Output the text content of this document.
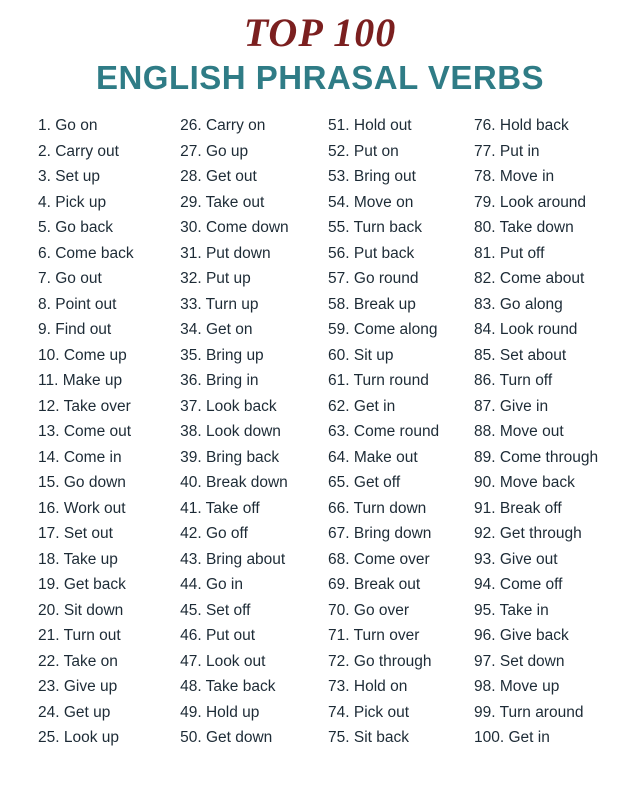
TOP 100
ENGLISH PHRASAL VERBS
1. Go on
2. Carry out
3. Set up
4. Pick up
5. Go back
6. Come back
7. Go out
8. Point out
9. Find out
10. Come up
11. Make up
12. Take over
13. Come out
14. Come in
15. Go down
16. Work out
17. Set out
18. Take up
19. Get back
20. Sit down
21. Turn out
22. Take on
23. Give up
24. Get up
25. Look up
26. Carry on
27. Go up
28. Get out
29. Take out
30. Come down
31. Put down
32. Put up
33. Turn up
34. Get on
35. Bring up
36. Bring in
37. Look back
38. Look down
39. Bring back
40. Break down
41. Take off
42. Go off
43. Bring about
44. Go in
45. Set off
46. Put out
47. Look out
48. Take back
49. Hold up
50. Get down
51. Hold out
52. Put on
53. Bring out
54. Move on
55. Turn back
56. Put back
57. Go round
58. Break up
59. Come along
60. Sit up
61. Turn round
62. Get in
63. Come round
64. Make out
65. Get off
66. Turn down
67. Bring down
68. Come over
69. Break out
70. Go over
71. Turn over
72. Go through
73. Hold on
74. Pick out
75. Sit back
76. Hold back
77. Put in
78. Move in
79. Look around
80. Take down
81. Put off
82. Come about
83. Go along
84. Look round
85. Set about
86. Turn off
87. Give in
88. Move out
89. Come through
90. Move back
91. Break off
92. Get through
93. Give out
94. Come off
95. Take in
96. Give back
97. Set down
98. Move up
99. Turn around
100. Get in
